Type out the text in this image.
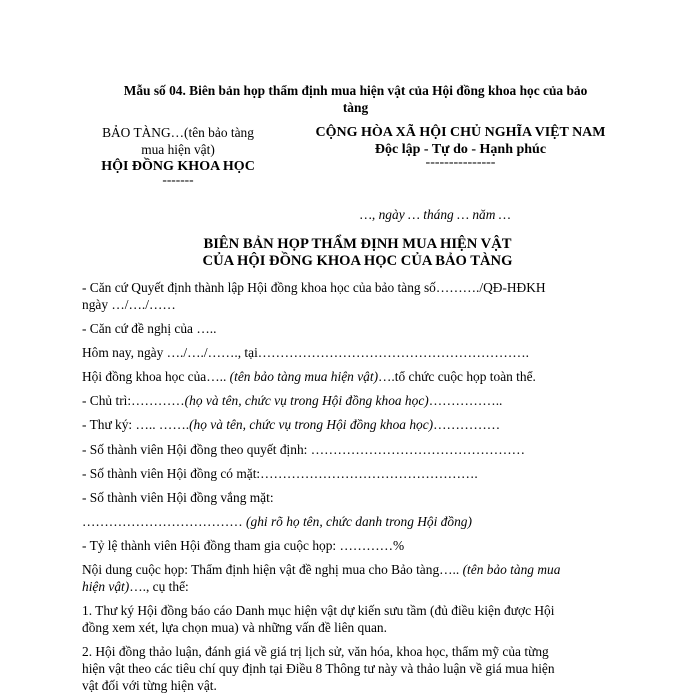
Mẫu số 04. Biên bản họp thẩm định mua hiện vật của Hội đồng khoa học của bảo
tàng
BẢO TÀNG…(tên bảo tàng
mua hiện vật)
HỘI ĐỒNG KHOA HỌC
-------
CỘNG HÒA XÃ HỘI CHỦ NGHĨA VIỆT NAM
Độc lập - Tự do - Hạnh phúc
---------------
…, ngày … tháng … năm …
BIÊN BẢN HỌP THẨM ĐỊNH MUA HIỆN VẬT
CỦA HỘI ĐỒNG KHOA HỌC CỦA BẢO TÀNG
- Căn cứ Quyết định thành lập Hội đồng khoa học của bảo tàng số………./QĐ-HĐKH
ngày …/…./……
- Căn cứ đề nghị của …..
Hôm nay, ngày …./…./……., tại…………………………………………………….
Hội đồng khoa học của….. (tên bảo tàng mua hiện vật)….tổ chức cuộc họp toàn thể.
- Chủ trì:…………(họ và tên, chức vụ trong Hội đồng khoa học)……………..
- Thư ký: ….. …….(họ và tên, chức vụ trong Hội đồng khoa học)……………
- Số thành viên Hội đồng theo quyết định: …………………………………………
- Số thành viên Hội đồng có mặt:………………………………………….
- Số thành viên Hội đồng vắng mặt:
……………………………… (ghi rõ họ tên, chức danh trong Hội đồng)
- Tỷ lệ thành viên Hội đồng tham gia cuộc họp: …………%
Nội dung cuộc họp: Thẩm định hiện vật đề nghị mua cho Bảo tàng….. (tên bảo tàng mua
hiện vật)…., cụ thể:
1. Thư ký Hội đồng báo cáo Danh mục hiện vật dự kiến sưu tầm (đủ điều kiện được Hội
đồng xem xét, lựa chọn mua) và những vấn đề liên quan.
2. Hội đồng thảo luận, đánh giá về giá trị lịch sử, văn hóa, khoa học, thẩm mỹ của từng
hiện vật theo các tiêu chí quy định tại Điều 8 Thông tư này và thảo luận về giá mua hiện
vật đối với từng hiện vật.
